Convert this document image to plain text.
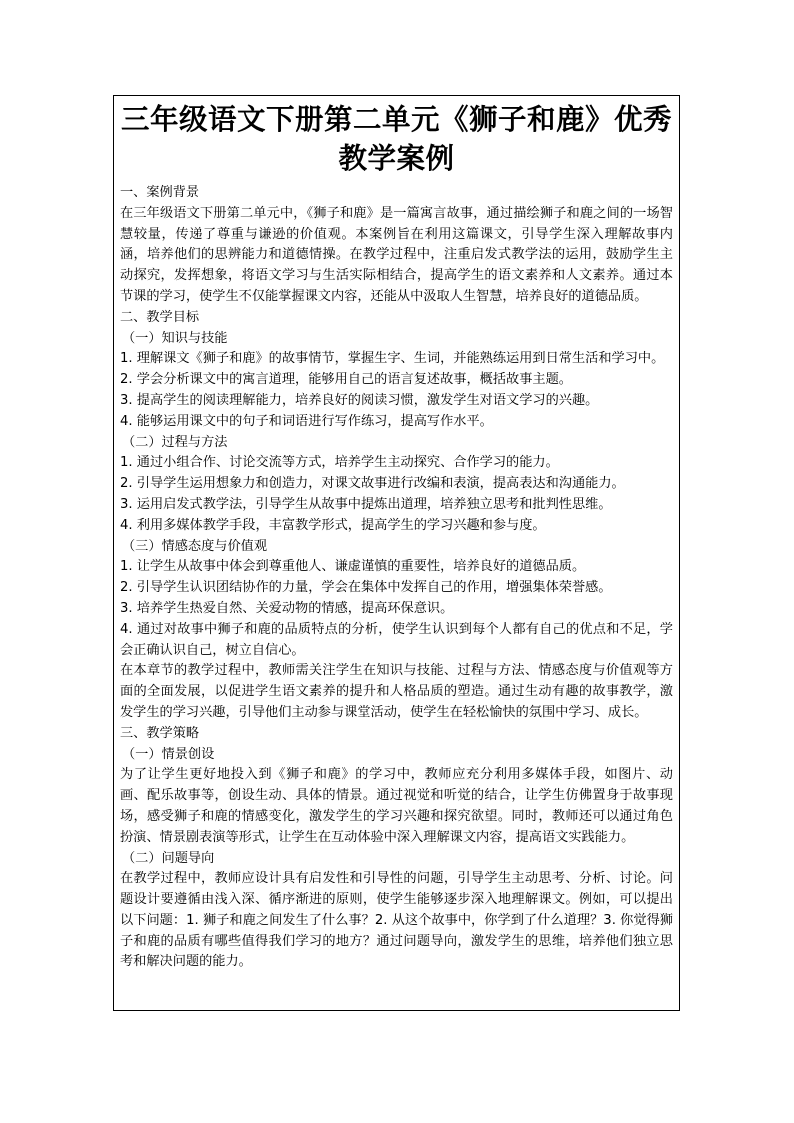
三年级语文下册第二单元《狮子和鹿》优秀教学案例

一、案例背景

在三年级语文下册第二单元中，《狮子和鹿》是一篇寓言故事，通过描绘狮子和鹿之间的一场智慧较量，传递了尊重与谦逊的价值观。本案例旨在利用这篇课文，引导学生深入理解故事内涵，培养他们的思辨能力和道德情操。在教学过程中，注重启发式教学法的运用，鼓励学生主动探究，发挥想象，将语文学习与生活实际相结合，提高学生的语文素养和人文素养。通过本节课的学习，使学生不仅能掌握课文内容，还能从中汲取人生智慧，培养良好的道德品质。

二、教学目标

（一）知识与技能

1. 理解课文《狮子和鹿》的故事情节，掌握生字、生词，并能熟练运用到日常生活和学习中。

2. 学会分析课文中的寓言道理，能够用自己的语言复述故事，概括故事主题。

3. 提高学生的阅读理解能力，培养良好的阅读习惯，激发学生对语文学习的兴趣。

4. 能够运用课文中的句子和词语进行写作练习，提高写作水平。

（二）过程与方法

1. 通过小组合作、讨论交流等方式，培养学生主动探究、合作学习的能力。

2. 引导学生运用想象力和创造力，对课文故事进行改编和表演，提高表达和沟通能力。

3. 运用启发式教学法，引导学生从故事中提炼出道理，培养独立思考和批判性思维。

4. 利用多媒体教学手段，丰富教学形式，提高学生的学习兴趣和参与度。

（三）情感态度与价值观

1. 让学生从故事中体会到尊重他人、谦虚谨慎的重要性，培养良好的道德品质。

2. 引导学生认识团结协作的力量，学会在集体中发挥自己的作用，增强集体荣誉感。

3. 培养学生热爱自然、关爱动物的情感，提高环保意识。

4. 通过对故事中狮子和鹿的品质特点的分析，使学生认识到每个人都有自己的优点和不足，学会正确认识自己，树立自信心。

在本章节的教学过程中，教师需关注学生在知识与技能、过程与方法、情感态度与价值观等方面的全面发展，以促进学生语文素养的提升和人格品质的塑造。通过生动有趣的故事教学，激发学生的学习兴趣，引导他们主动参与课堂活动，使学生在轻松愉快的氛围中学习、成长。

三、教学策略

（一）情景创设

为了让学生更好地投入到《狮子和鹿》的学习中，教师应充分利用多媒体手段，如图片、动画、配乐故事等，创设生动、具体的情景。通过视觉和听觉的结合，让学生仿佛置身于故事现场，感受狮子和鹿的情感变化，激发学生的学习兴趣和探究欲望。同时，教师还可以通过角色扮演、情景剧表演等形式，让学生在互动体验中深入理解课文内容，提高语文实践能力。

（二）问题导向

在教学过程中，教师应设计具有启发性和引导性的问题，引导学生主动思考、分析、讨论。问题设计要遵循由浅入深、循序渐进的原则，使学生能够逐步深入地理解课文。例如，可以提出以下问题：1. 狮子和鹿之间发生了什么事？2. 从这个故事中，你学到了什么道理？3. 你觉得狮子和鹿的品质有哪些值得我们学习的地方？通过问题导向，激发学生的思维，培养他们独立思考和解决问题的能力。
